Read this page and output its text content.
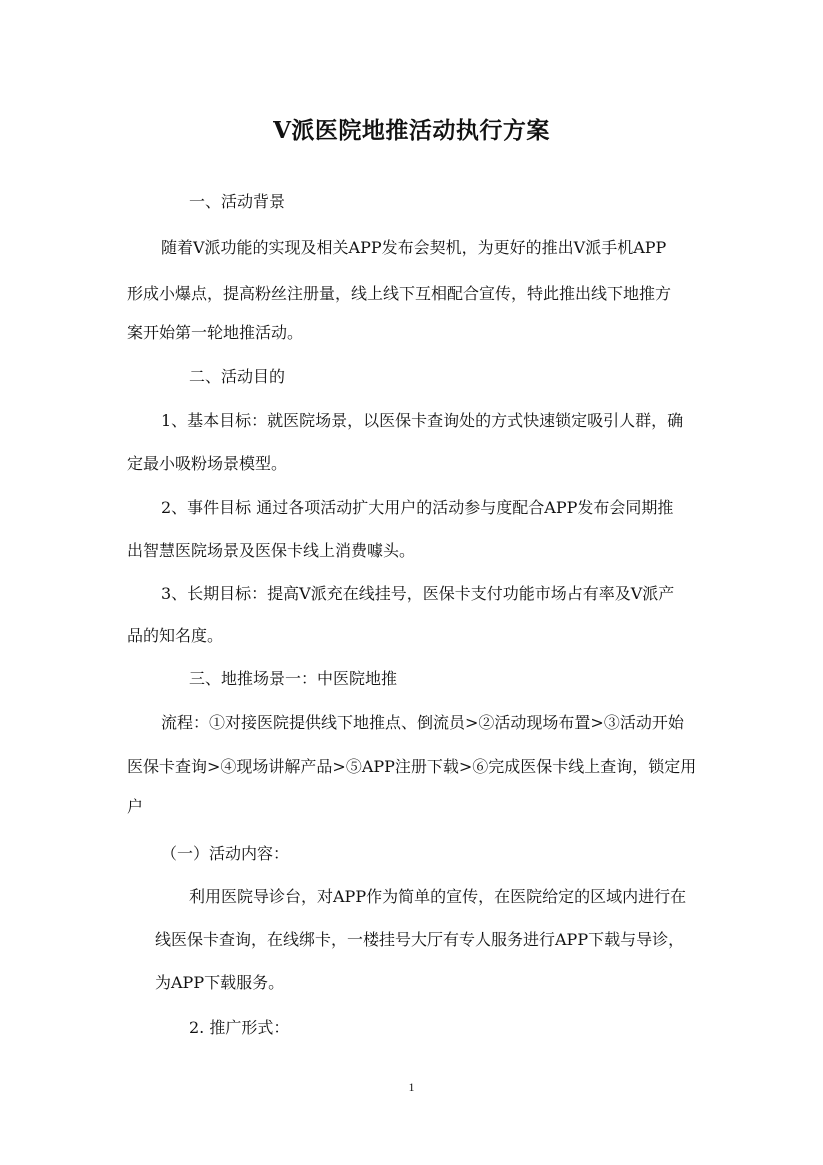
V派医院地推活动执行方案

一、活动背景

随着V派功能的实现及相关APP发布会契机，为更好的推出V派手机APP

形成小爆点，提高粉丝注册量，线上线下互相配合宣传，特此推出线下地推方

案开始第一轮地推活动。

二、活动目的

1、基本目标：就医院场景，以医保卡查询处的方式快速锁定吸引人群，确

定最小吸粉场景模型。

2、事件目标 通过各项活动扩大用户的活动参与度配合APP发布会同期推

出智慧医院场景及医保卡线上消费噱头。

3、长期目标：提高V派充在线挂号，医保卡支付功能市场占有率及V派产

品的知名度。

三、地推场景一：中医院地推

流程：①对接医院提供线下地推点、倒流员>②活动现场布置>③活动开始

医保卡查询>④现场讲解产品>⑤APP注册下载>⑥完成医保卡线上查询，锁定用

户

（一）活动内容：

利用医院导诊台，对APP作为简单的宣传，在医院给定的区域内进行在

线医保卡查询，在线绑卡，一楼挂号大厅有专人服务进行APP下载与导诊，

为APP下载服务。

2. 推广形式：

1
